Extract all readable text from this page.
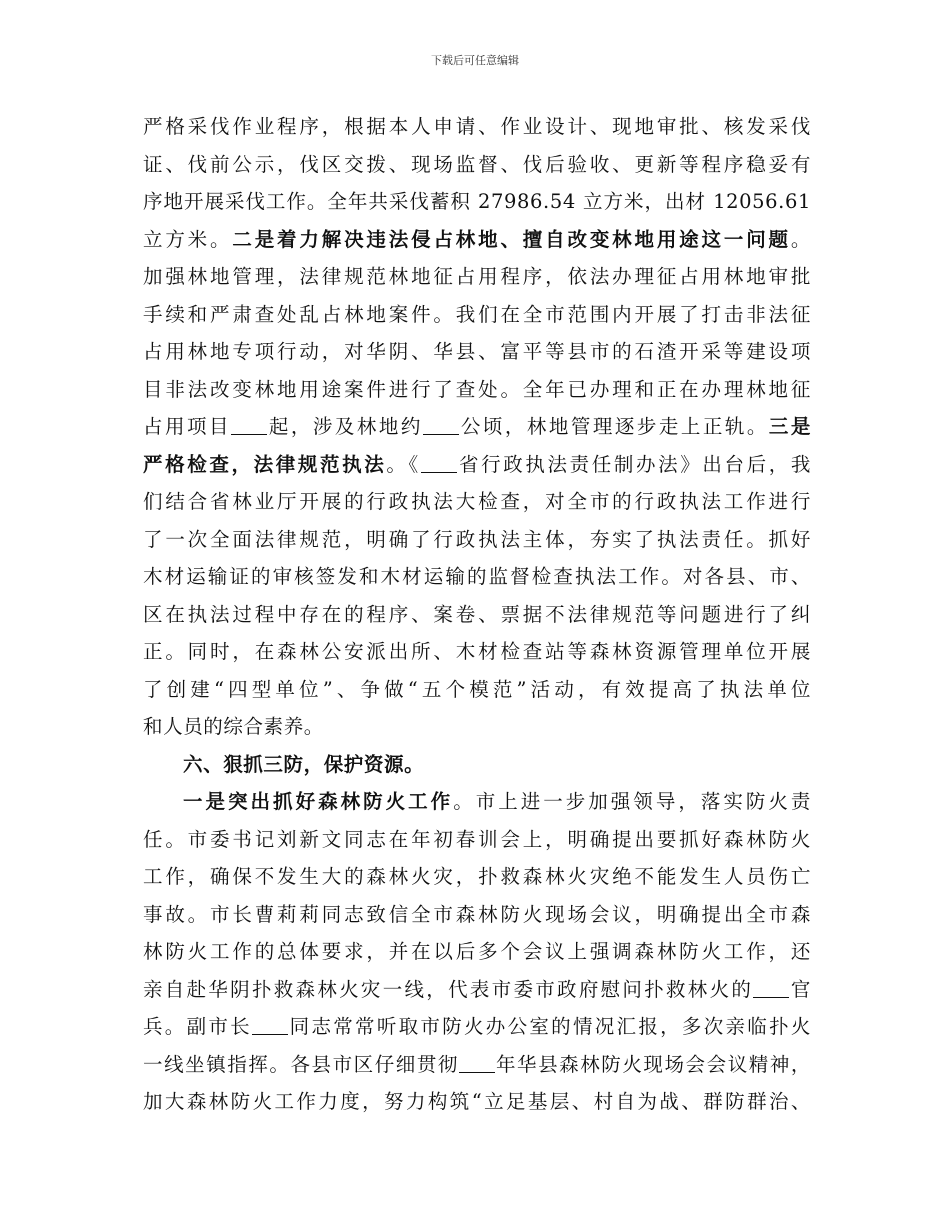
下载后可任意编辑
严格采伐作业程序，根据本人申请、作业设计、现地审批、核发采伐
证、伐前公示，伐区交拨、现场监督、伐后验收、更新等程序稳妥有
序地开展采伐工作。全年共采伐蓄积 27986.54 立方米，出材 12056.61
立方米。二是着力解决违法侵占林地、擅自改变林地用途这一问题。
加强林地管理，法律规范林地征占用程序，依法办理征占用林地审批
手续和严肃查处乱占林地案件。我们在全市范围内开展了打击非法征
占用林地专项行动，对华阴、华县、富平等县市的石渣开采等建设项
目非法改变林地用途案件进行了查处。全年已办理和正在办理林地征
占用项目 起，涉及林地约 公顷，林地管理逐步走上正轨。三是
严格检查，法律规范执法。《 省行政执法责任制办法》出台后，我
们结合省林业厅开展的行政执法大检查，对全市的行政执法工作进行
了一次全面法律规范，明确了行政执法主体，夯实了执法责任。抓好
木材运输证的审核签发和木材运输的监督检查执法工作。对各县、市、
区在执法过程中存在的程序、案卷、票据不法律规范等问题进行了纠
正。同时，在森林公安派出所、木材检查站等森林资源管理单位开展
了创建“四型单位”、争做“五个模范”活动，有效提高了执法单位
和人员的综合素养。
六、狠抓三防，保护资源。
一是突出抓好森林防火工作。市上进一步加强领导，落实防火责
任。市委书记刘新文同志在年初春训会上，明确提出要抓好森林防火
工作，确保不发生大的森林火灾，扑救森林火灾绝不能发生人员伤亡
事故。市长曹莉莉同志致信全市森林防火现场会议，明确提出全市森
林防火工作的总体要求，并在以后多个会议上强调森林防火工作，还
亲自赴华阴扑救森林火灾一线，代表市委市政府慰问扑救林火的 官
兵。副市长 同志常常听取市防火办公室的情况汇报，多次亲临扑火
一线坐镇指挥。各县市区仔细贯彻 年华县森林防火现场会会议精神，
加大森林防火工作力度，努力构筑“立足基层、村自为战、群防群治、
